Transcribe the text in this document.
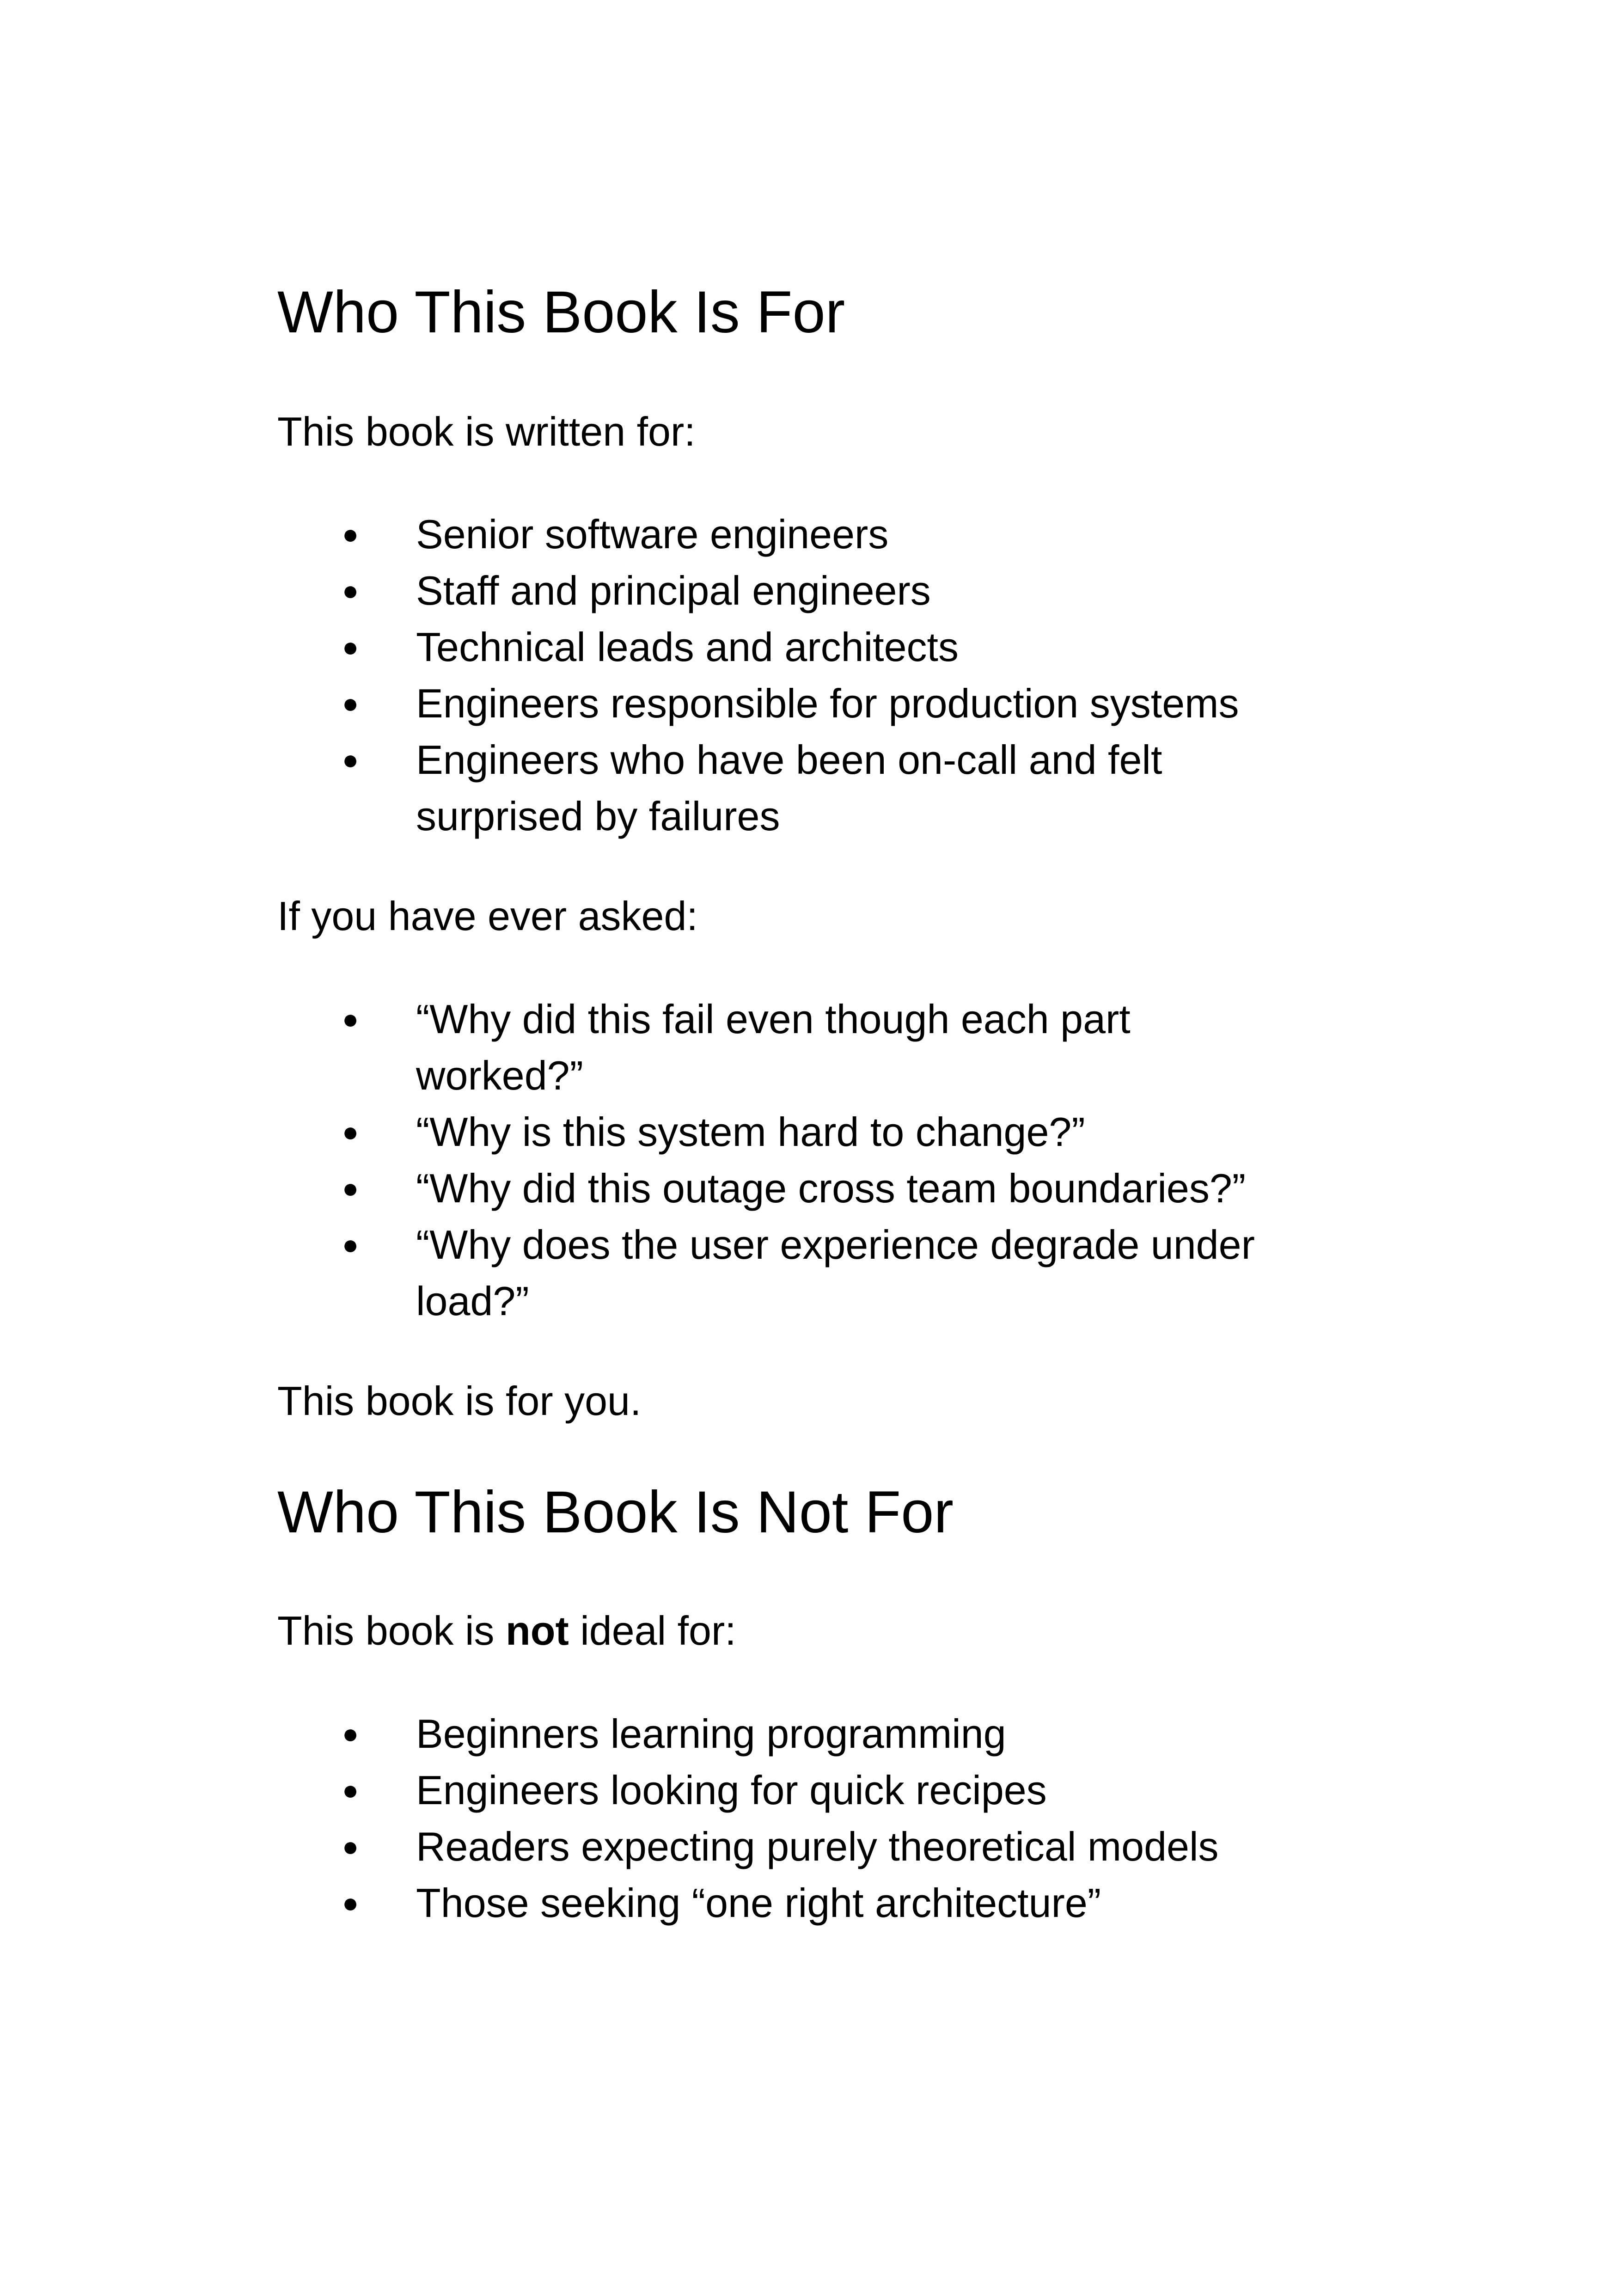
Who This Book Is For

This book is written for:

● Senior software engineers
● Staff and principal engineers
● Technical leads and architects
● Engineers responsible for production systems
● Engineers who have been on-call and felt
surprised by failures

If you have ever asked:

● “Why did this fail even though each part
worked?”
● “Why is this system hard to change?”
● “Why did this outage cross team boundaries?”
● “Why does the user experience degrade under
load?”

This book is for you.

Who This Book Is Not For

This book is not ideal for:

● Beginners learning programming
● Engineers looking for quick recipes
● Readers expecting purely theoretical models
● Those seeking “one right architecture”
